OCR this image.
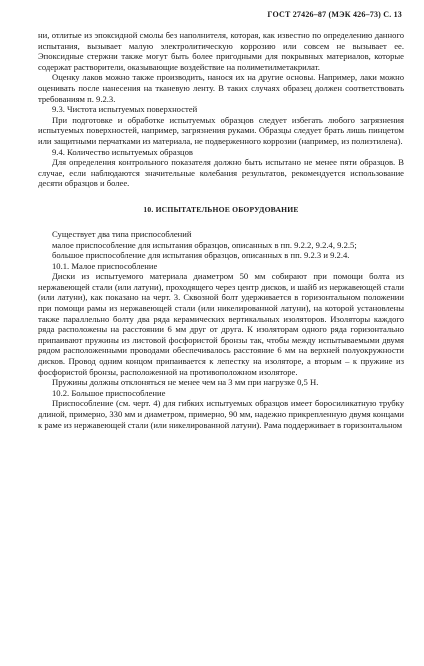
ГОСТ 27426–87 (МЭК 426–73) С. 13

ни, отлитые из эпоксидной смолы без наполнителя, которая, как известно по определению данного испытания, вызывает малую электролитическую коррозию или совсем не вызывает ее. Эпоксидные стержни также могут быть более пригодными для покрывных материалов, которые содержат растворители, оказывающие воздействие на полиметилметакрилат.

Оценку лаков можно также производить, нанося их на другие основы. Например, лаки можно оценивать после нанесения на тканевую ленту. В таких случаях образец должен соответствовать требованиям п. 9.2.3.

9.3. Чистота испытуемых поверхностей

При подготовке и обработке испытуемых образцов следует избегать любого загрязнения испытуемых поверхностей, например, загрязнения руками. Образцы следует брать лишь пинцетом или защитными перчатками из материала, не подверженного коррозии (например, из полиэтилена).

9.4. Количество испытуемых образцов

Для определения контрольного показателя должно быть испытано не менее пяти образцов. В случае, если наблюдаются значительные колебания результатов, рекомендуется использование десяти образцов и более.

10. ИСПЫТАТЕЛЬНОЕ ОБОРУДОВАНИЕ

Существует два типа приспособлений

малое приспособление для испытания образцов, описанных в пп. 9.2.2, 9.2.4, 9.2.5;

большое приспособление для испытания образцов, описанных в пп. 9.2.3 и 9.2.4.

10.1. Малое приспособление

Диски из испытуемого материала диаметром 50 мм собирают при помощи болта из нержавеющей стали (или латуни), проходящего через центр дисков, и шайб из нержавеющей стали (или латуни), как показано на черт. 3. Сквозной болт удерживается в горизонтальном положении при помощи рамы из нержавеющей стали (или никелированной латуни), на которой установлены также параллельно болту два ряда керамических вертикальных изоляторов. Изоляторы каждого ряда расположены на расстоянии 6 мм друг от друга. К изоляторам одного ряда горизонтально припаивают пружины из листовой фосфористой бронзы так, чтобы между испытываемыми двумя рядом расположенными проводами обеспечивалось расстояние 6 мм на верхней полуокружности дисков. Провод одним концом припаивается к лепестку на изоляторе, а вторым – к пружине из фосфористой бронзы, расположенной на противоположном изоляторе.

Пружины должны отклоняться не менее чем на 3 мм при нагрузке 0,5 Н.

10.2. Большое приспособление

Приспособление (см. черт. 4) для гибких испытуемых образцов имеет боросиликатную трубку длиной, примерно, 330 мм и диаметром, примерно, 90 мм, надежно прикрепленную двумя концами к раме из нержавеющей стали (или никелированной латуни). Рама поддерживает в горизонтальном
